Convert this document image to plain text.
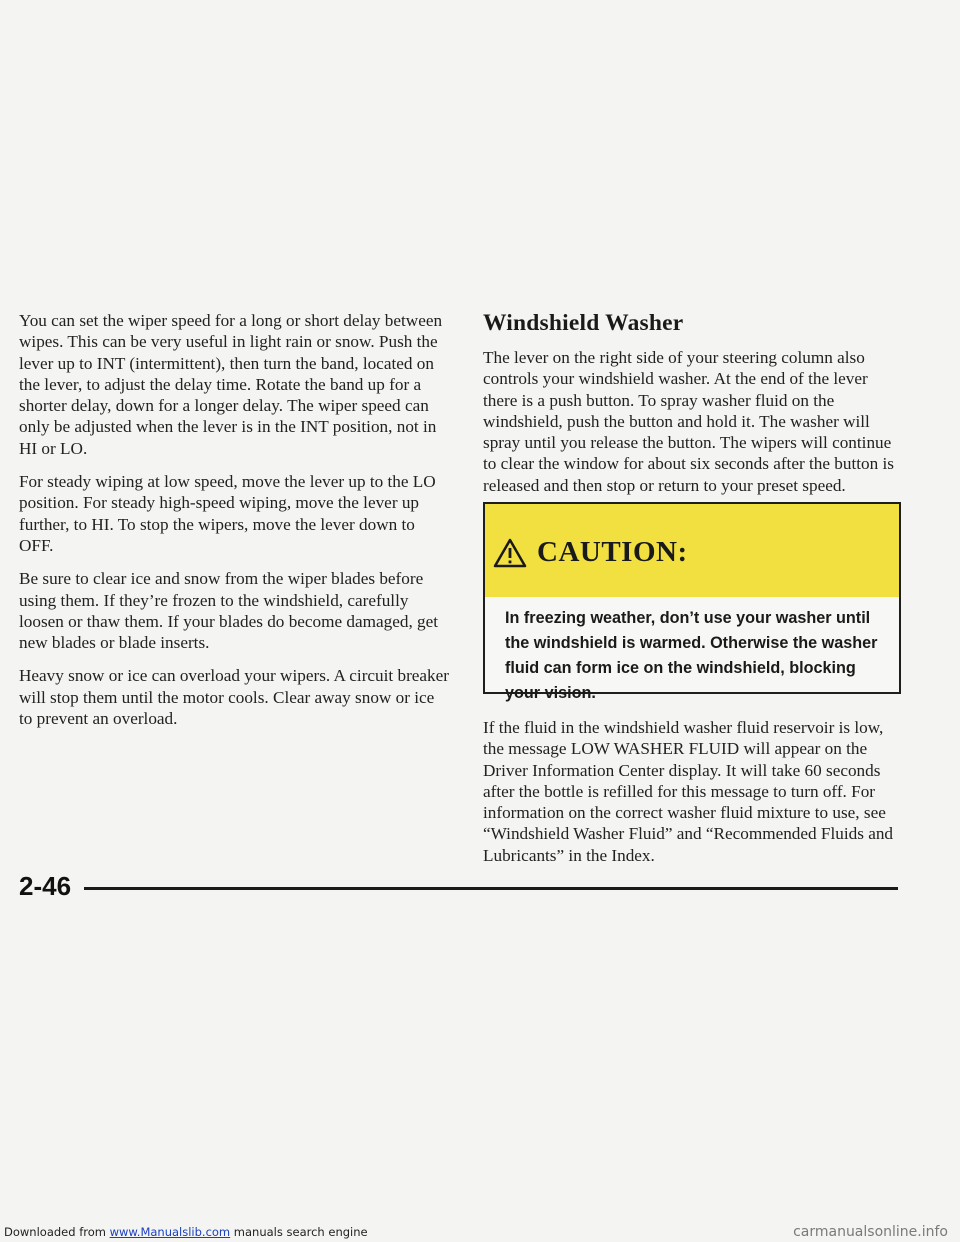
You can set the wiper speed for a long or short delay between wipes. This can be very useful in light rain or snow. Push the lever up to INT (intermittent), then turn the band, located on the lever, to adjust the delay time. Rotate the band up for a shorter delay, down for a longer delay. The wiper speed can only be adjusted when the lever is in the INT position, not in HI or LO.

For steady wiping at low speed, move the lever up to the LO position. For steady high-speed wiping, move the lever up further, to HI. To stop the wipers, move the lever down to OFF.

Be sure to clear ice and snow from the wiper blades before using them. If they’re frozen to the windshield, carefully loosen or thaw them. If your blades do become damaged, get new blades or blade inserts.

Heavy snow or ice can overload your wipers. A circuit breaker will stop them until the motor cools. Clear away snow or ice to prevent an overload.

Windshield Washer

The lever on the right side of your steering column also controls your windshield washer. At the end of the lever there is a push button. To spray washer fluid on the windshield, push the button and hold it. The washer will spray until you release the button. The wipers will continue to clear the window for about six seconds after the button is released and then stop or return to your preset speed.

CAUTION:
In freezing weather, don’t use your washer until the windshield is warmed. Otherwise the washer fluid can form ice on the windshield, blocking your vision.

If the fluid in the windshield washer fluid reservoir is low, the message LOW WASHER FLUID will appear on the Driver Information Center display. It will take 60 seconds after the bottle is refilled for this message to turn off. For information on the correct washer fluid mixture to use, see “Windshield Washer Fluid” and “Recommended Fluids and Lubricants” in the Index.

2-46
Downloaded from www.Manualslib.com manuals search engine	carmanualsonline.info
